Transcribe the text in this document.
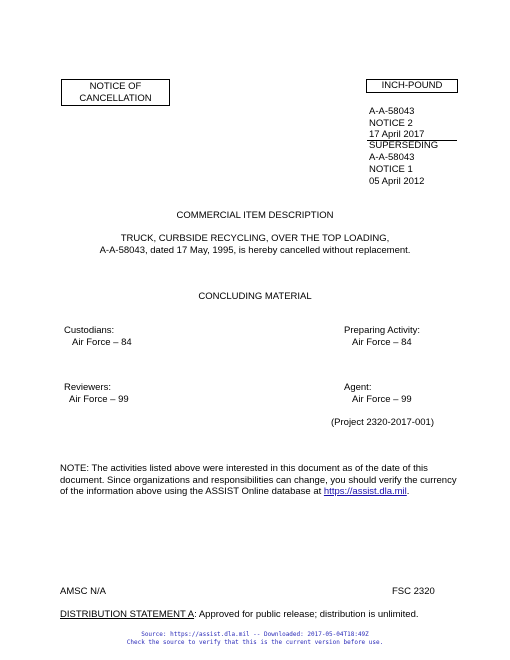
NOTICE OF
CANCELLATION
INCH-POUND
A-A-58043
NOTICE 2
17 April 2017
SUPERSEDING
A-A-58043
NOTICE 1
05 April 2012
COMMERCIAL ITEM DESCRIPTION
TRUCK, CURBSIDE RECYCLING, OVER THE TOP LOADING,
A-A-58043, dated 17 May, 1995, is hereby cancelled without replacement.
CONCLUDING MATERIAL
Custodians:
Air Force – 84
Preparing Activity:
Air Force – 84
Reviewers:
Air Force – 99
Agent:
Air Force – 99
(Project 2320-2017-001)
NOTE: The activities listed above were interested in this document as of the date of this
document. Since organizations and responsibilities can change, you should verify the currency
of the information above using the ASSIST Online database at https://assist.dla.mil.
AMSC N/A	FSC 2320
DISTRIBUTION STATEMENT A: Approved for public release; distribution is unlimited.
Source: https://assist.dla.mil -- Downloaded: 2017-05-04T18:49Z
Check the source to verify that this is the current version before use.
